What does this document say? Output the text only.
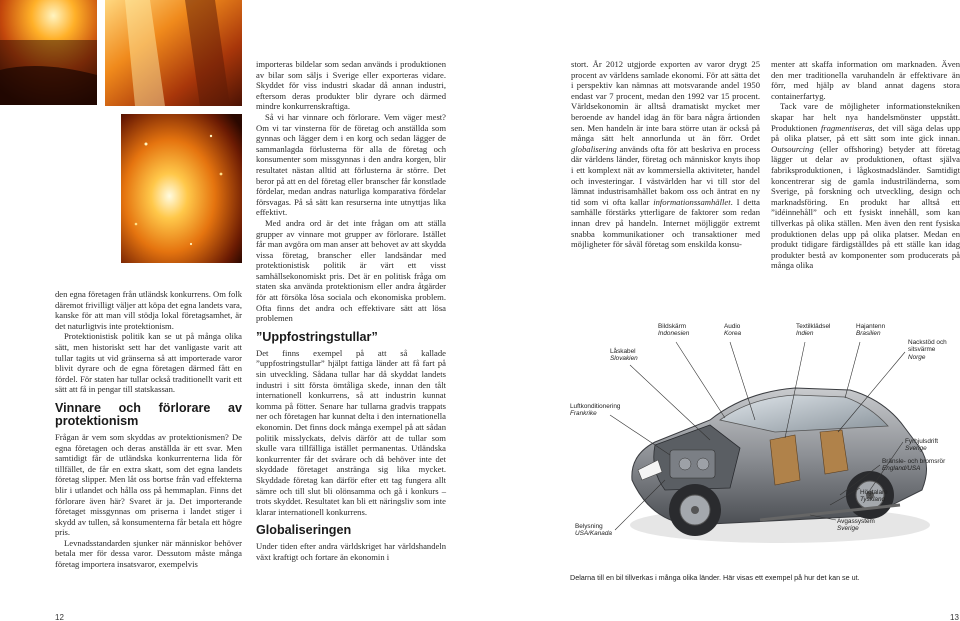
den egna företagen från utländsk konkurrens. Om folk däremot frivilligt väljer att köpa det egna landets vara, kanske för att man vill stödja lokal företagsamhet, är det naturligtvis inte protektionism.

Protektionistisk politik kan se ut på många olika sätt, men historiskt sett har det vanligaste varit att tullar tagits ut vid gränserna så att importerade varor blivit dyrare och de egna företagen därmed fått en fördel. För staten har tullar också traditionellt varit ett sätt att få in pengar till statskassan.

Vinnare och förlorare av protektionism

Frågan är vem som skyddas av protektionismen? De egna företagen och deras anställda är ett svar. Men samtidigt får de utländska konkurrenterna lida för tillfället, de får en extra skatt, som det egna landets företag slipper. Men låt oss bortse från vad effekterna blir i utlandet och hålla oss på hemmaplan. Finns det förlorare även här? Svaret är ja. Det importerande företaget missgynnas om priserna i landet stiger i skydd av tullen, så konsumenterna får betala ett högre pris.

Levnadsstandarden sjunker när människor behöver betala mer för dessa varor. Dessutom måste många företag importera insatsvaror, exempelvis

importeras bildelar som sedan används i produktionen av bilar som säljs i Sverige eller exporteras vidare. Skyddet för viss industri skadar då annan industri, eftersom deras produkter blir dyrare och därmed mindre konkurrenskraftiga.

Så vi har vinnare och förlorare. Vem väger mest? Om vi tar vinsterna för de företag och anställda som gynnas och lägger dem i en korg och sedan lägger de sammanlagda förlusterna för alla de företag och konsumenter som missgynnas i den andra korgen, blir resultatet nästan alltid att förlusterna är större. Det beror på att en del företag eller branscher får konstlade fördelar, medan andras naturliga komparativa fördelar försvagas. På så sätt kan resurserna inte utnyttjas lika effektivt.

Med andra ord är det inte frågan om att ställa grupper av vinnare mot grupper av förlorare. Istället får man avgöra om man anser att behovet av att skydda vissa företag, branscher eller landsändar med protektionistisk politik är värt ett visst samhällsekonomiskt pris. Det är en politisk fråga om staten ska använda protektionism eller andra åtgärder för att försöka lösa sociala och ekonomiska problem. Ofta finns det andra och effektivare sätt att lösa problemen

”Uppfostringstullar”

Det finns exempel på att så kallade ”uppfostringstullar” hjälpt fattiga länder att få fart på sin utveckling. Sådana tullar har då skyddat landets industri i sitt första ömtåliga skede, innan den tålt internationell konkurrens, så att industrin kunnat komma på fötter. Senare har tullarna gradvis trappats ner och företagen har kunnat delta i den internationella ekonomin. Det finns dock många exempel på att sådan politik misslyckats, delvis därför att de tullar som skulle vara tillfälliga istället permanentas. Utländska konkurrenter får det svårare och då behöver inte det skyddade företaget anstränga sig lika mycket. Skyddade företag kan därför efter ett tag fungera allt sämre och till slut bli olönsamma och gå i konkurs – trots skyddet. Resultatet kan bli ett näringsliv som inte klarar internationell konkurrens.

Globaliseringen

Under tiden efter andra världskriget har världshandeln växt kraftigt och fortare än ekonomin i

stort. År 2012 utgjorde exporten av varor drygt 25 procent av världens samlade ekonomi. För att sätta det i perspektiv kan nämnas att motsvarande andel 1950 endast var 7 procent, medan den 1992 var 15 procent. Världsekonomin är alltså dramatiskt mycket mer beroende av handel idag än för bara några årtionden sen. Men handeln är inte bara större utan är också på många sätt helt annorlunda ut än förr. Ordet globalisering används ofta för att beskriva en process där världens länder, företag och människor knyts ihop i ett komplext nät av kommersiella aktiviteter, handel och investeringar. I västvärlden har vi till stor del lämnat industrisamhället bakom oss och äntrat en ny tid som vi ofta kallar informationssamhället. I detta samhälle förstärks ytterligare de faktorer som redan innan drev på handeln. Internet möjliggör extremt snabba kommunikationer och transaktioner med möjligheter för såväl företag som enskilda konsu-

menter att skaffa information om marknaden. Även den mer traditionella varuhandeln är effektivare än förr, med hjälp av bland annat dagens stora containerfartyg.

Tack vare de möjligheter informationstekniken skapar har helt nya handelsmönster uppstått. Produktionen fragmentiseras, det vill säga delas upp på olika platser, på ett sätt som inte gick innan. Outsourcing (eller offshoring) betyder att företag lägger ut delar av produktionen, oftast själva fabriksproduktionen, i lågkostnadsländer. Samtidigt koncentrerar sig de gamla industriländerna, som Sverige, på forskning och utveckling, design och marknadsföring. En produkt har alltså ett ”idéinnehåll” och ett fysiskt innehåll, som kan tillverkas på olika ställen. Men även den rent fysiska produktionen delas upp på olika platser. Medan en produkt tidigare färdigställdes på ett ställe kan idag produkter bestå av komponenter som producerats på många olika

Bildskärm
Indonesien
Audio
Korea
Textilklädsel
Indien
Hajantenn
Brasilien
Nackstöd och sitsvärme
Norge
Låskabel
Slovakien
Luftkonditionering
Frankrike
Fyrhjulsdrift
Sverige
Bränsle- och bromsrör
England/USA
Högtalare
Tyskland
Avgassystem
Sverige
Belysning
USA/Kanada
Delarna till en bil tillverkas i många olika länder. Här visas ett exempel på hur det kan se ut.
12	13
